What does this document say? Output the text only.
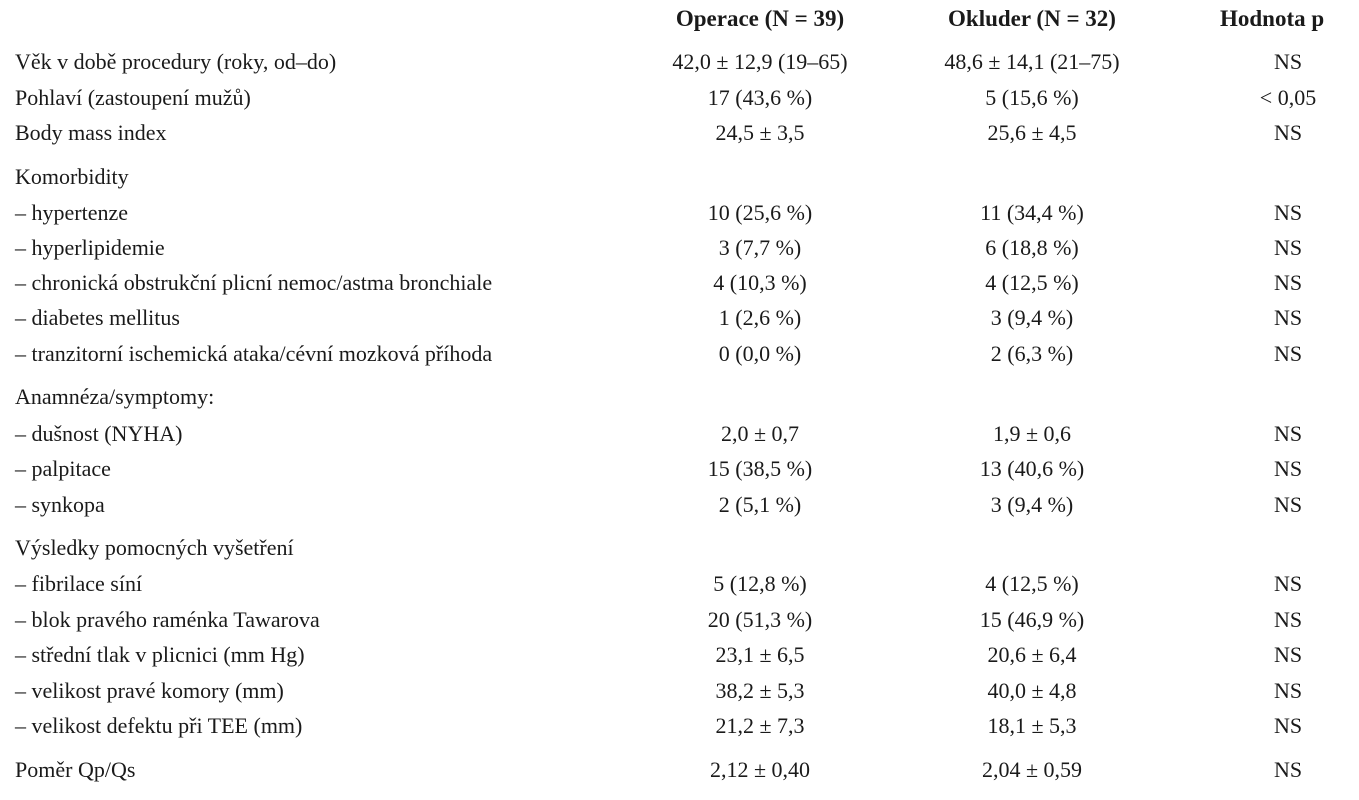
Operace (N = 39)	Okluder (N = 32)	Hodnota p
Věk v době procedury (roky, od–do)	42,0 ± 12,9 (19–65)	48,6 ± 14,1 (21–75)	NS
Pohlaví (zastoupení mužů)	17 (43,6 %)	5 (15,6 %)	< 0,05
Body mass index	24,5 ± 3,5	25,6 ± 4,5	NS
Komorbidity
– hypertenze	10 (25,6 %)	11 (34,4 %)	NS
– hyperlipidemie	3 (7,7 %)	6 (18,8 %)	NS
– chronická obstrukční plicní nemoc/astma bronchiale	4 (10,3 %)	4 (12,5 %)	NS
– diabetes mellitus	1 (2,6 %)	3 (9,4 %)	NS
– tranzitorní ischemická ataka/cévní mozková příhoda	0 (0,0 %)	2 (6,3 %)	NS
Anamnéza/symptomy:
– dušnost (NYHA)	2,0 ± 0,7	1,9 ± 0,6	NS
– palpitace	15 (38,5 %)	13 (40,6 %)	NS
– synkopa	2 (5,1 %)	3 (9,4 %)	NS
Výsledky pomocných vyšetření
– fibrilace síní	5 (12,8 %)	4 (12,5 %)	NS
– blok pravého raménka Tawarova	20 (51,3 %)	15 (46,9 %)	NS
– střední tlak v plicnici (mm Hg)	23,1 ± 6,5	20,6 ± 6,4	NS
– velikost pravé komory (mm)	38,2 ± 5,3	40,0 ± 4,8	NS
– velikost defektu při TEE (mm)	21,2 ± 7,3	18,1 ± 5,3	NS
Poměr Qp/Qs	2,12 ± 0,40	2,04 ± 0,59	NS
